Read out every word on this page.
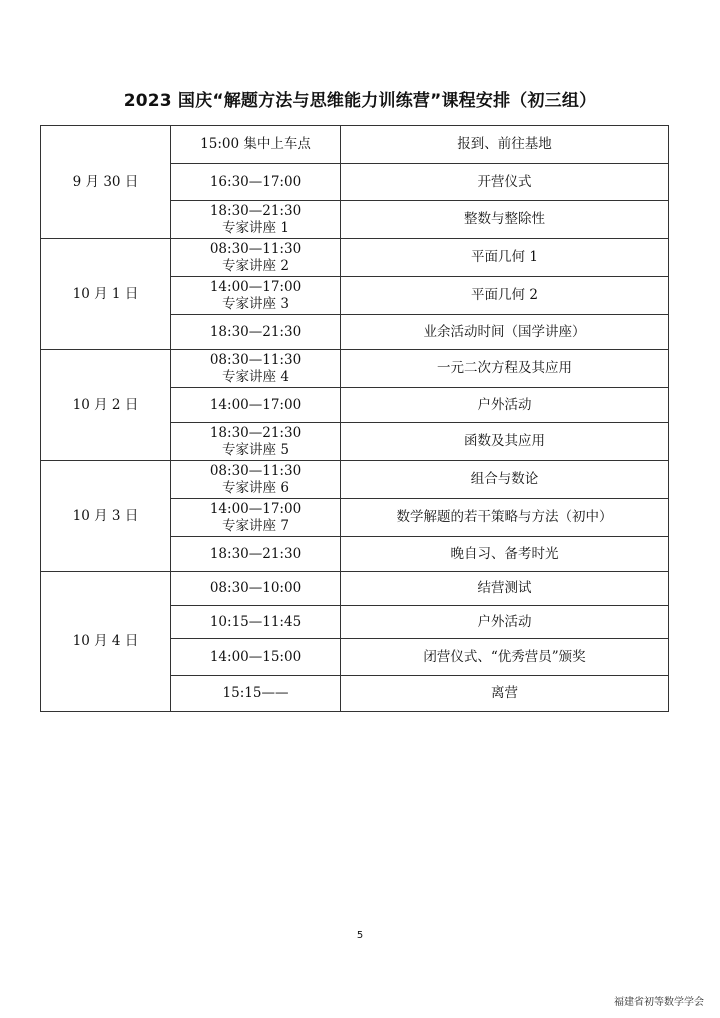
2023 国庆“解题方法与思维能力训练营”课程安排（初三组）
9 月 30 日	15:00 集中上车点	报到、前往基地
	16:30—17:00	开营仪式

	18:30—21:30
专家讲座 1	整数与整除性
10 月 1 日	08:30—11:30
专家讲座 2	平面几何 1

	14:00—17:00
专家讲座 3	平面几何 2
	18:30—21:30	业余活动时间（国学讲座）
10 月 2 日	08:30—11:30
专家讲座 4	一元二次方程及其应用
	14:00—17:00	户外活动

	18:30—21:30
专家讲座 5	函数及其应用
10 月 3 日	08:30—11:30
专家讲座 6	组合与数论

	14:00—17:00
专家讲座 7	数学解题的若干策略与方法（初中）
	18:30—21:30	晚自习、备考时光
10 月 4 日	08:30—10:00	结营测试
	10:15—11:45	户外活动
	14:00—15:00	闭营仪式、“优秀营员”颁奖
	15:15——	离营
5
福建省初等数学学会
